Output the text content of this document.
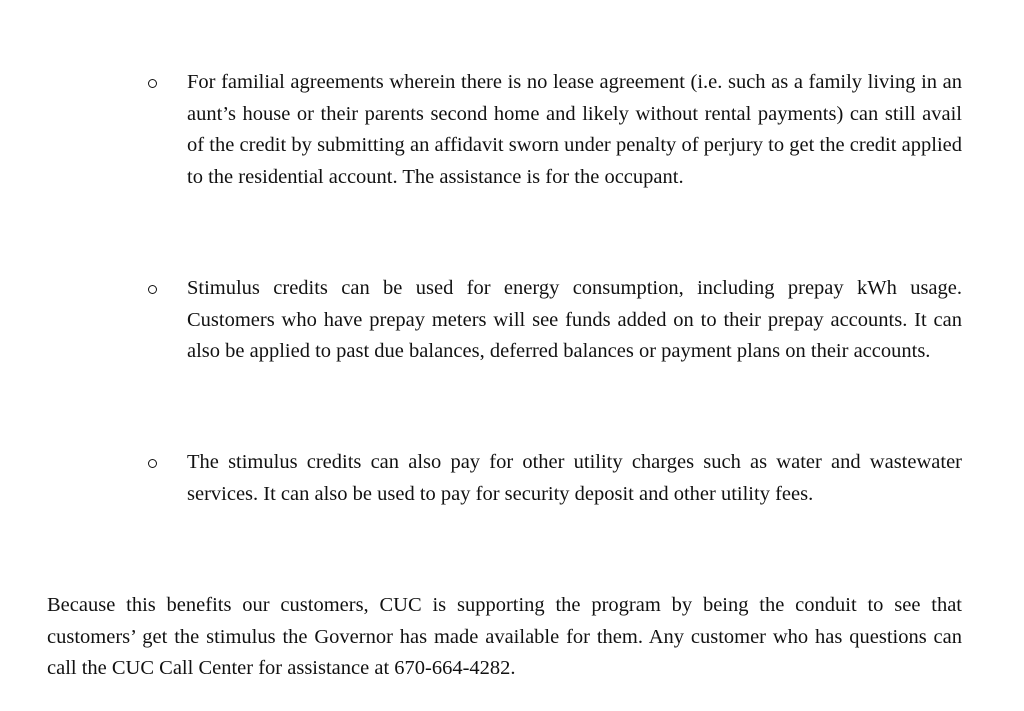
For familial agreements wherein there is no lease agreement (i.e. such as a family living in an aunt’s house or their parents second home and likely without rental payments) can still avail of the credit by submitting an affidavit sworn under penalty of perjury to get the credit applied to the residential account. The assistance is for the occupant.

Stimulus credits can be used for energy consumption, including prepay kWh usage. Customers who have prepay meters will see funds added on to their prepay accounts. It can also be applied to past due balances, deferred balances or payment plans on their accounts.

The stimulus credits can also pay for other utility charges such as water and wastewater services. It can also be used to pay for security deposit and other utility fees.

Because this benefits our customers, CUC is supporting the program by being the conduit to see that customers’ get the stimulus the Governor has made available for them. Any customer who has questions can call the CUC Call Center for assistance at 670-664-4282.
